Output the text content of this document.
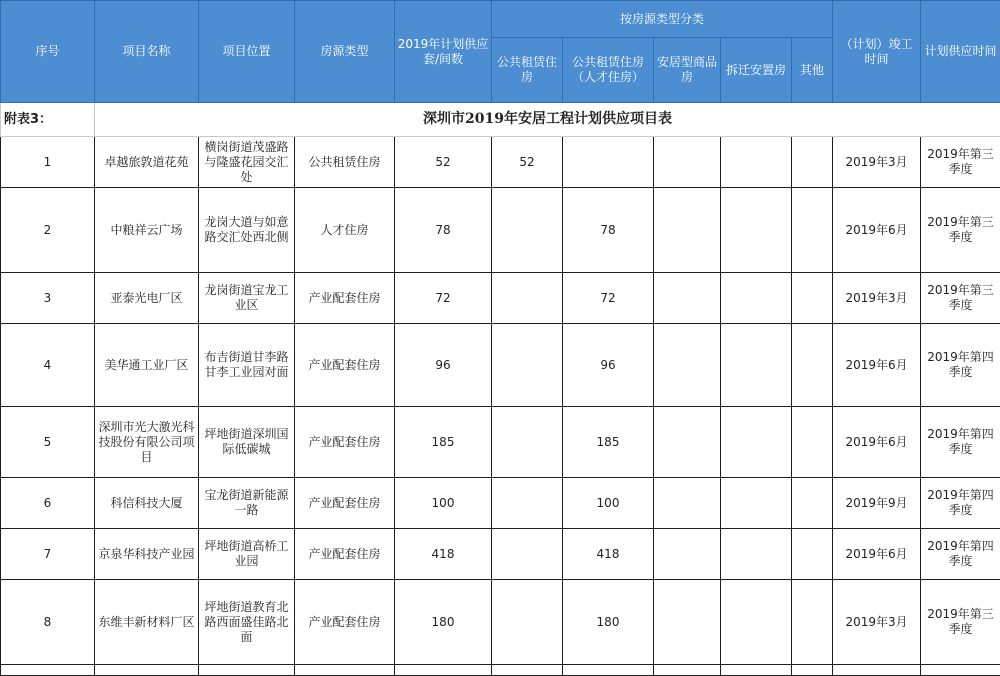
附表3：	深圳市2019年安居工程计划供应项目表										
序号	项目名称	项目位置	房源类型	2019年计划供应套/间数	按房源类型分类					（计划）竣工时间	计划供应时间
					公共租赁住房	公共租赁住房（人才住房）	安居型商品房	拆迁安置房	其他		
1	卓越旅敦道花苑	横岗街道茂盛路与隆盛花园交汇处	公共租赁住房	52	52					2019年3月	2019年第三季度
2	中粮祥云广场	龙岗大道与如意路交汇处西北侧	人才住房	78		78				2019年6月	2019年第三季度
3	亚泰光电厂区	龙岗街道宝龙工业区	产业配套住房	72		72				2019年3月	2019年第三季度
4	美华通工业厂区	布吉街道甘李路甘李工业园对面	产业配套住房	96		96				2019年6月	2019年第四季度
5	深圳市光大激光科技股份有限公司项目	坪地街道深圳国际低碳城	产业配套住房	185		185				2019年6月	2019年第四季度
6	科信科技大厦	宝龙街道新能源一路	产业配套住房	100		100				2019年9月	2019年第四季度
7	京泉华科技产业园	坪地街道高桥工业园	产业配套住房	418		418				2019年6月	2019年第四季度
8	东维丰新材料厂区	坪地街道教育北路西面盛佳路北面	产业配套住房	180		180				2019年3月	2019年第三季度
